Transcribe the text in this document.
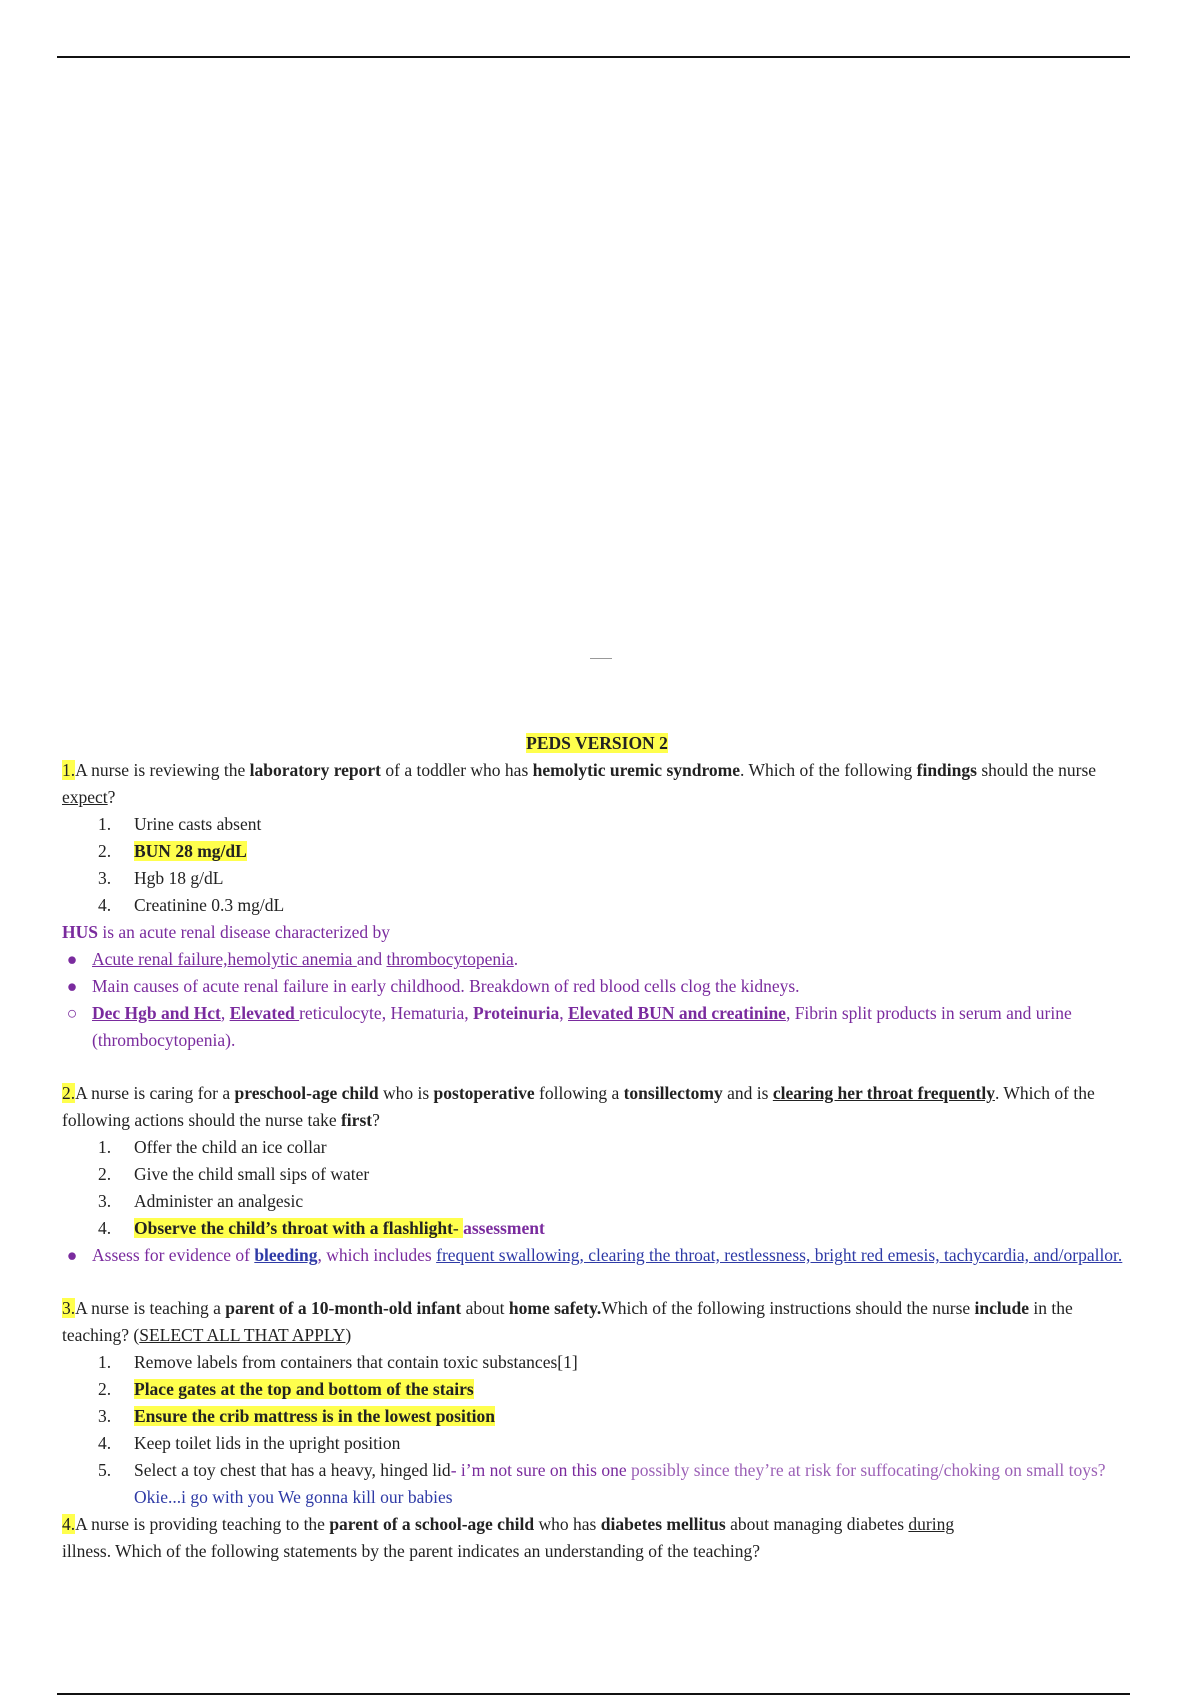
PEDS VERSION 2

1.A nurse is reviewing the laboratory report of a toddler who has hemolytic uremic syndrome. Which of the following findings should the nurse expect?

1.	Urine casts absent
2.	BUN 28 mg/dL
3.	Hgb 18 g/dL
4.	Creatinine 0.3 mg/dL

HUS is an acute renal disease characterized by

● Acute renal failure,hemolytic anemia and thrombocytopenia.

● Main causes of acute renal failure in early childhood. Breakdown of red blood cells clog the kidneys.

○ Dec Hgb and Hct, Elevated reticulocyte, Hematuria, Proteinuria, Elevated BUN and creatinine, Fibrin split products in serum and urine (thrombocytopenia).

2.A nurse is caring for a preschool-age child who is postoperative following a tonsillectomy and is clearing her throat frequently. Which of the following actions should the nurse take first?

1.	Offer the child an ice collar
2.	Give the child small sips of water
3.	Administer an analgesic
4.	Observe the child’s throat with a flashlight- assessment

● Assess for evidence of bleeding, which includes frequent swallowing, clearing the throat, restlessness, bright red emesis, tachycardia, and/orpallor.

3.A nurse is teaching a parent of a 10-month-old infant about home safety.Which of the following instructions should the nurse include in the teaching? (SELECT ALL THAT APPLY)

1.	Remove labels from containers that contain toxic substances[1]
2.	Place gates at the top and bottom of the stairs
3.	Ensure the crib mattress is in the lowest position
4.	Keep toilet lids in the upright position
5.	Select a toy chest that has a heavy, hinged lid- i’m not sure on this one possibly since they’re at risk for suffocating/choking on small toys? Okie...i go with you We gonna kill our babies

4.A nurse is providing teaching to the parent of a school-age child who has diabetes mellitus about managing diabetes during

illness. Which of the following statements by the parent indicates an understanding of the teaching?
